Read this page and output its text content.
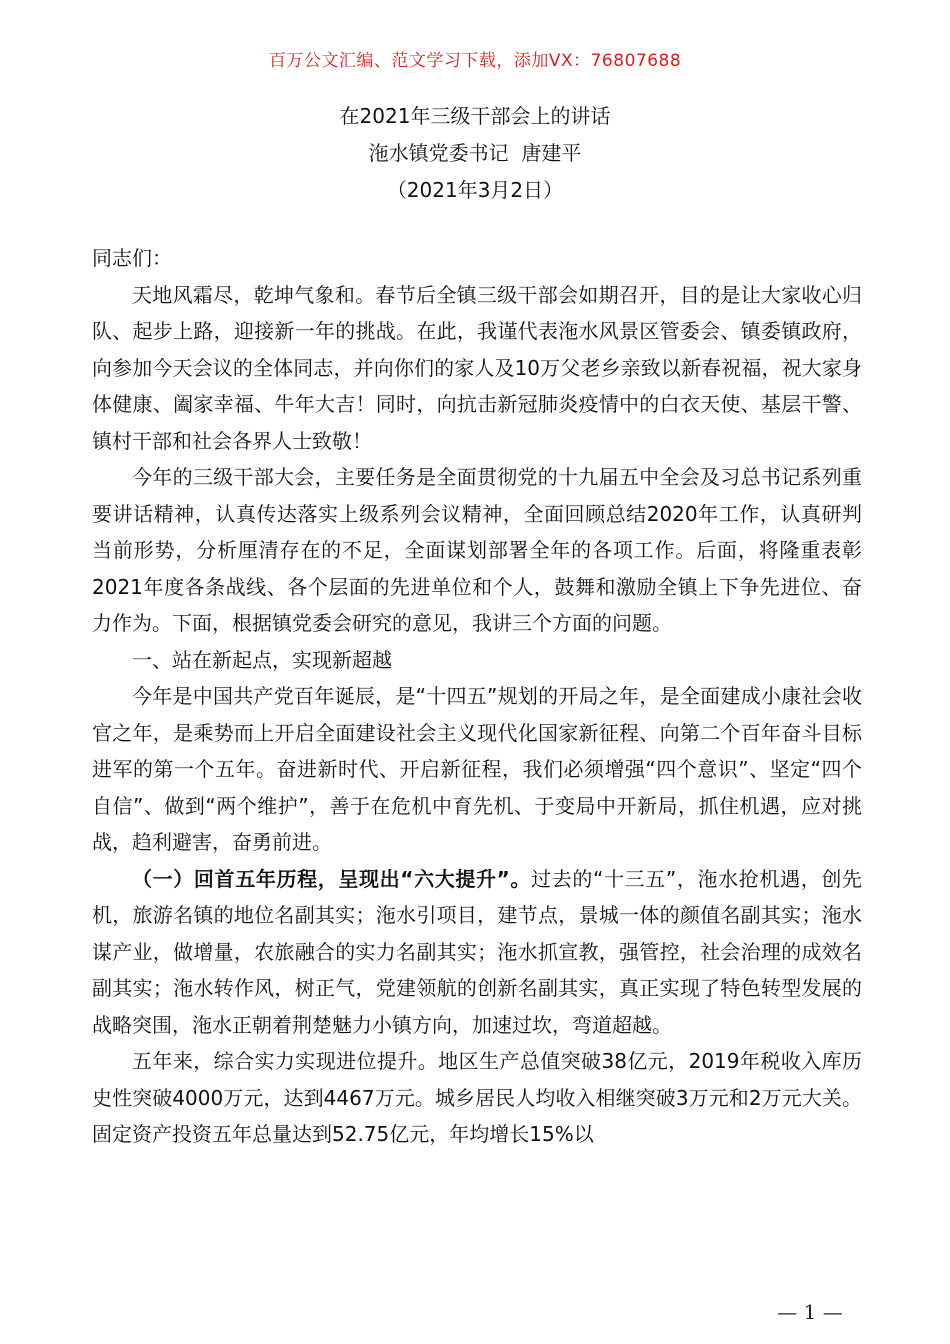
百万公文汇编、范文学习下载，添加VX：76807688
在2021年三级干部会上的讲话
沲水镇党委书记  唐建平
（2021年3月2日）

同志们：

天地风霜尽，乾坤气象和。春节后全镇三级干部会如期召开，目的是让大家收心归队、起步上路，迎接新一年的挑战。在此，我谨代表沲水风景区管委会、镇委镇政府，向参加今天会议的全体同志，并向你们的家人及10万父老乡亲致以新春祝福，祝大家身体健康、阖家幸福、牛年大吉！同时，向抗击新冠肺炎疫情中的白衣天使、基层干警、镇村干部和社会各界人士致敬！

今年的三级干部大会，主要任务是全面贯彻党的十九届五中全会及习总书记系列重要讲话精神，认真传达落实上级系列会议精神，全面回顾总结2020年工作，认真研判当前形势，分析厘清存在的不足，全面谋划部署全年的各项工作。后面，将隆重表彰2021年度各条战线、各个层面的先进单位和个人，鼓舞和激励全镇上下争先进位、奋力作为。下面，根据镇党委会研究的意见，我讲三个方面的问题。

一、站在新起点，实现新超越

今年是中国共产党百年诞辰，是“十四五”规划的开局之年，是全面建成小康社会收官之年，是乘势而上开启全面建设社会主义现代化国家新征程、向第二个百年奋斗目标进军的第一个五年。奋进新时代、开启新征程，我们必须增强“四个意识”、坚定“四个自信”、做到“两个维护”，善于在危机中育先机、于变局中开新局，抓住机遇，应对挑战，趋利避害，奋勇前进。

（一）回首五年历程，呈现出“六大提升”。过去的“十三五”，沲水抢机遇，创先机，旅游名镇的地位名副其实；沲水引项目，建节点，景城一体的颜值名副其实；沲水谋产业，做增量，农旅融合的实力名副其实；沲水抓宣教，强管控，社会治理的成效名副其实；沲水转作风，树正气，党建领航的创新名副其实，真正实现了特色转型发展的战略突围，沲水正朝着荆楚魅力小镇方向，加速过坎，弯道超越。

五年来，综合实力实现进位提升。地区生产总值突破38亿元，2019年税收入库历史性突破4000万元，达到4467万元。城乡居民人均收入相继突破3万元和2万元大关。固定资产投资五年总量达到52.75亿元，年均增长15%以

— 1 —
